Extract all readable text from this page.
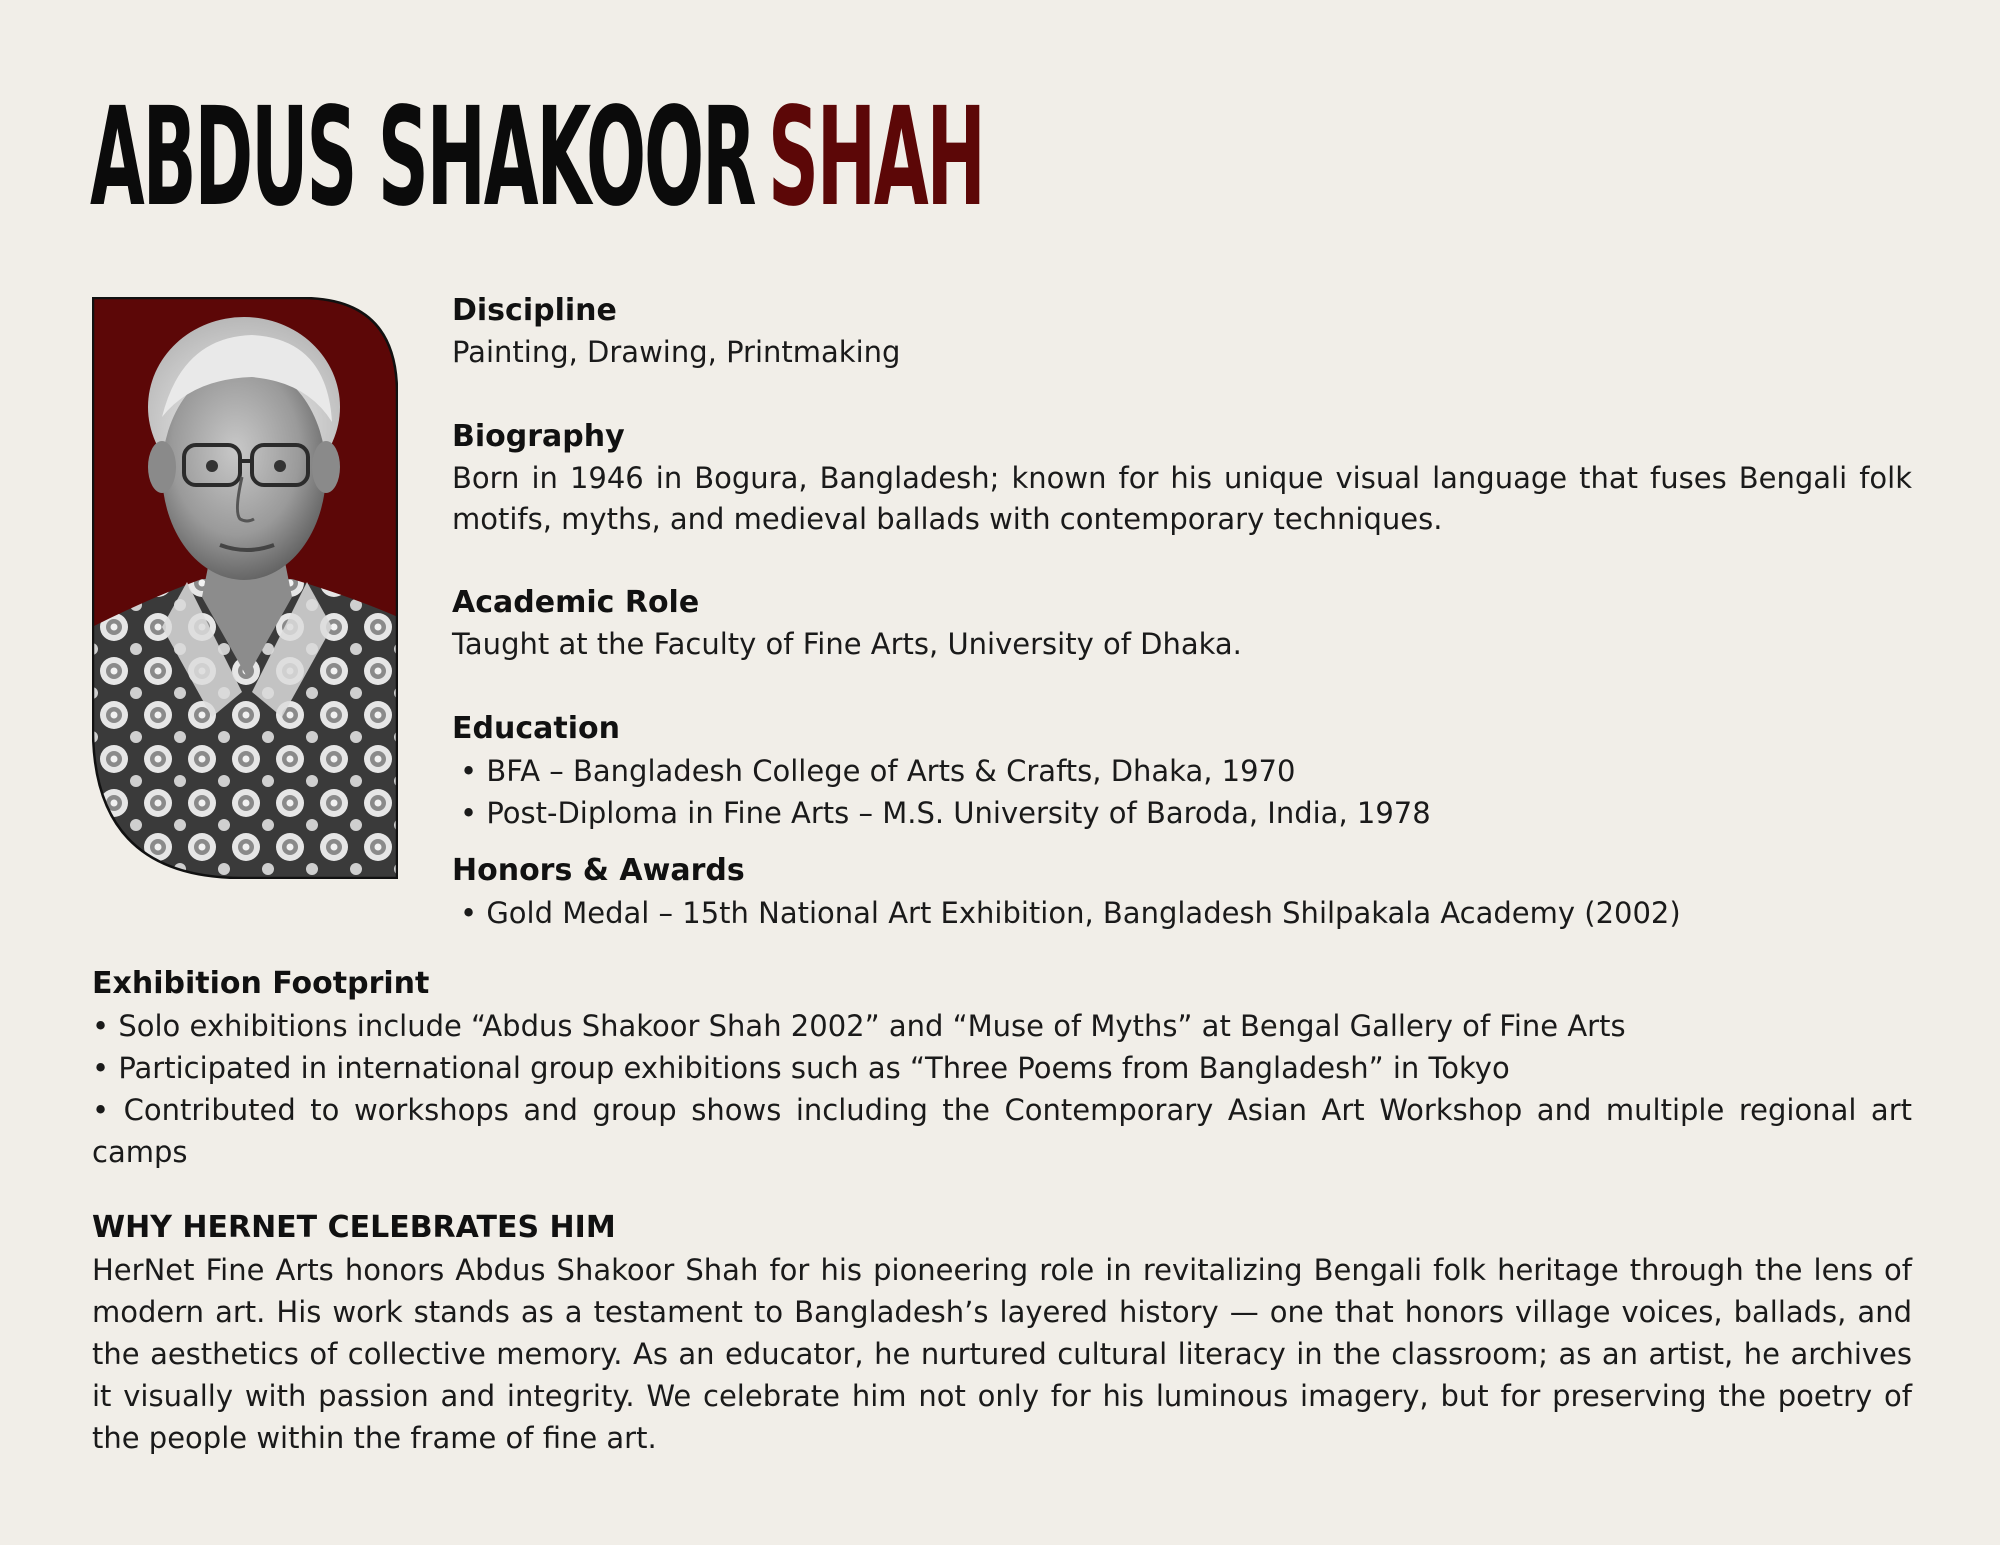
ABDUS SHAKOOR SHAH

Discipline

Painting, Drawing, Printmaking

Biography

Born in 1946 in Bogura, Bangladesh; known for his unique visual language that fuses Bengali folk motifs, myths, and medieval ballads with contemporary techniques.

Academic Role

Taught at the Faculty of Fine Arts, University of Dhaka.

Education

• BFA – Bangladesh College of Arts & Crafts, Dhaka, 1970

• Post-Diploma in Fine Arts – M.S. University of Baroda, India, 1978

Honors & Awards

• Gold Medal – 15th National Art Exhibition, Bangladesh Shilpakala Academy (2002)

Exhibition Footprint

• Solo exhibitions include “Abdus Shakoor Shah 2002” and “Muse of Myths” at Bengal Gallery of Fine Arts

• Participated in international group exhibitions such as “Three Poems from Bangladesh” in Tokyo

• Contributed to workshops and group shows including the Contemporary Asian Art Workshop and multiple regional art camps

WHY HERNET CELEBRATES HIM

HerNet Fine Arts honors Abdus Shakoor Shah for his pioneering role in revitalizing Bengali folk heritage through the lens of modern art. His work stands as a testament to Bangladesh’s layered history — one that honors village voices, ballads, and the aesthetics of collective memory. As an educator, he nurtured cultural literacy in the classroom; as an artist, he archives it visually with passion and integrity. We celebrate him not only for his luminous imagery, but for preserving the poetry of the people within the frame of fine art.
